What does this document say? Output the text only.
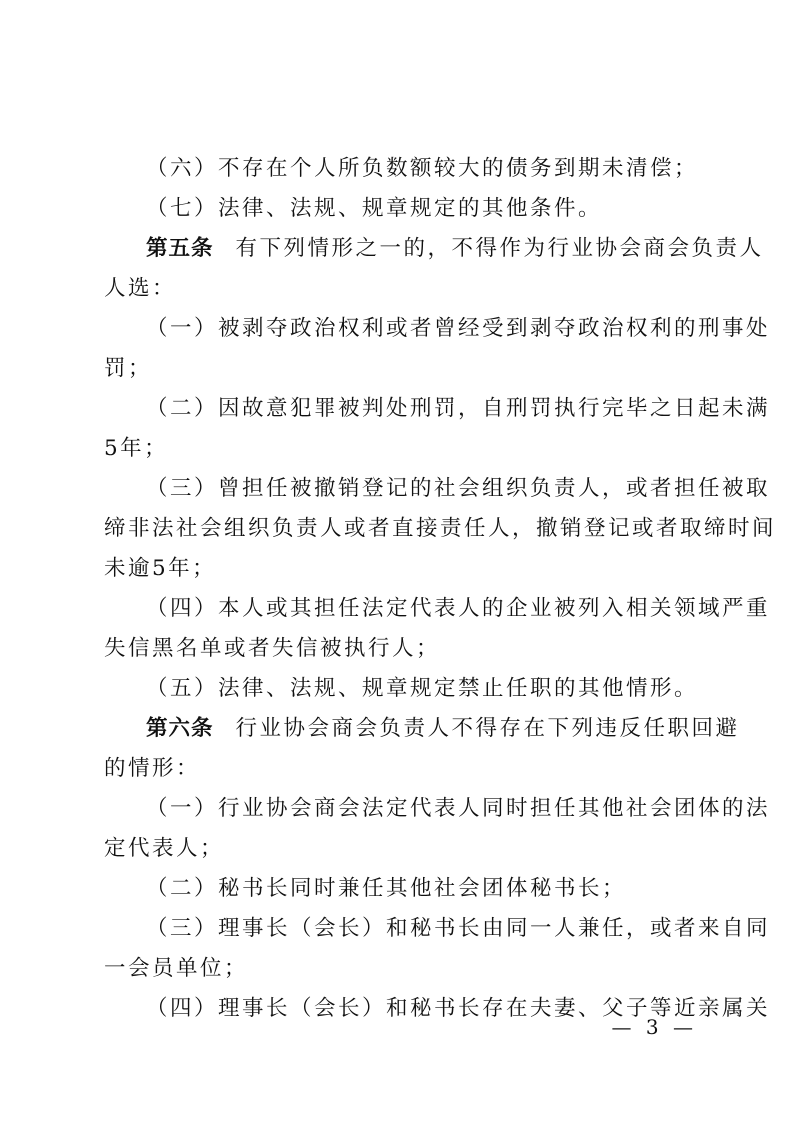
（六）不存在个人所负数额较大的债务到期未清偿；
（七）法律、法规、规章规定的其他条件。
第五条 有下列情形之一的，不得作为行业协会商会负责人
人选：
（一）被剥夺政治权利或者曾经受到剥夺政治权利的刑事处
罚；
（二）因故意犯罪被判处刑罚，自刑罚执行完毕之日起未满
5年；
（三）曾担任被撤销登记的社会组织负责人，或者担任被取
缔非法社会组织负责人或者直接责任人，撤销登记或者取缔时间
未逾5年；
（四）本人或其担任法定代表人的企业被列入相关领域严重
失信黑名单或者失信被执行人；
（五）法律、法规、规章规定禁止任职的其他情形。
第六条 行业协会商会负责人不得存在下列违反任职回避
的情形：
（一）行业协会商会法定代表人同时担任其他社会团体的法
定代表人；
（二）秘书长同时兼任其他社会团体秘书长；
（三）理事长（会长）和秘书长由同一人兼任，或者来自同
一会员单位；
（四）理事长（会长）和秘书长存在夫妻、父子等近亲属关
— 3 —
